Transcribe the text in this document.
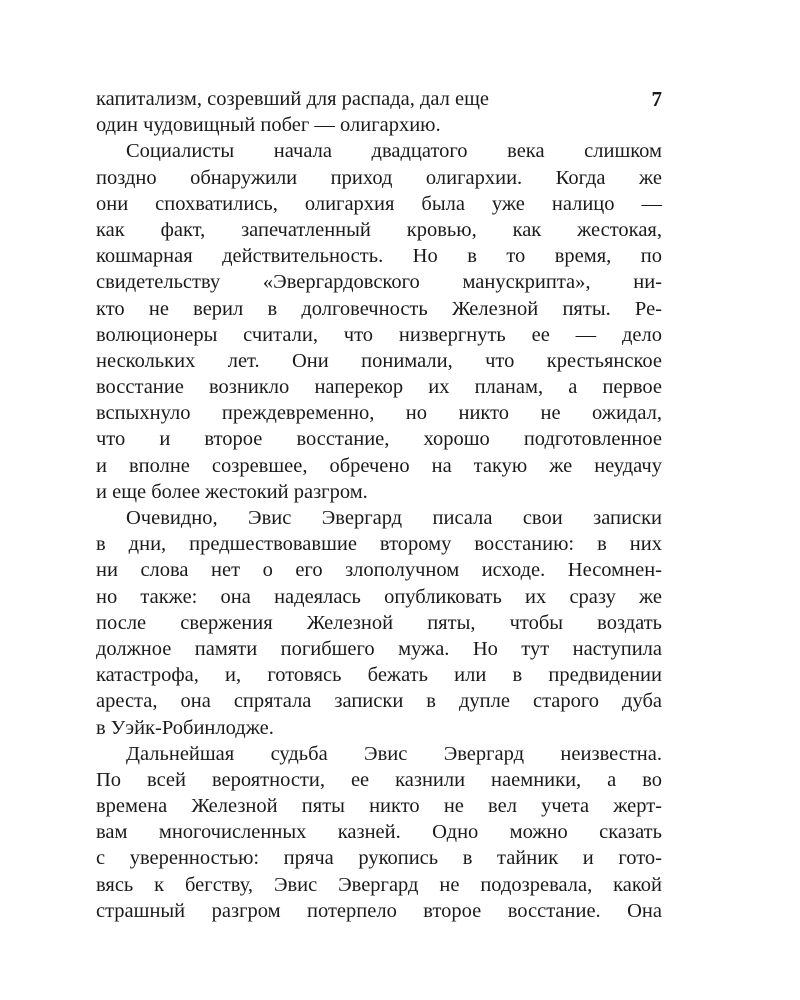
7
капитализм, созревший для распада, дал еще
один чудовищный побег — олигархию.
Социалисты начала двадцатого века слишком
поздно обнаружили приход олигархии. Когда же
они спохватились, олигархия была уже налицо —
как факт, запечатленный кровью, как жестокая,
кошмарная действительность. Но в то время, по
свидетельству «Эвергардовского манускрипта», ни-
кто не верил в долговечность Железной пяты. Ре-
волюционеры считали, что низвергнуть ее — дело
нескольких лет. Они понимали, что крестьянское
восстание возникло наперекор их планам, а первое
вспыхнуло преждевременно, но никто не ожидал,
что и второе восстание, хорошо подготовленное
и вполне созревшее, обречено на такую же неудачу
и еще более жестокий разгром.
Очевидно, Эвис Эвергард писала свои записки
в дни, предшествовавшие второму восстанию: в них
ни слова нет о его злополучном исходе. Несомнен-
но также: она надеялась опубликовать их сразу же
после свержения Железной пяты, чтобы воздать
должное памяти погибшего мужа. Но тут наступила
катастрофа, и, готовясь бежать или в предвидении
ареста, она спрятала записки в дупле старого дуба
в Уэйк-Робинлодже.
Дальнейшая судьба Эвис Эвергард неизвестна.
По всей вероятности, ее казнили наемники, а во
времена Железной пяты никто не вел учета жерт-
вам многочисленных казней. Одно можно сказать
с уверенностью: пряча рукопись в тайник и гото-
вясь к бегству, Эвис Эвергард не подозревала, какой
страшный разгром потерпело второе восстание. Она
